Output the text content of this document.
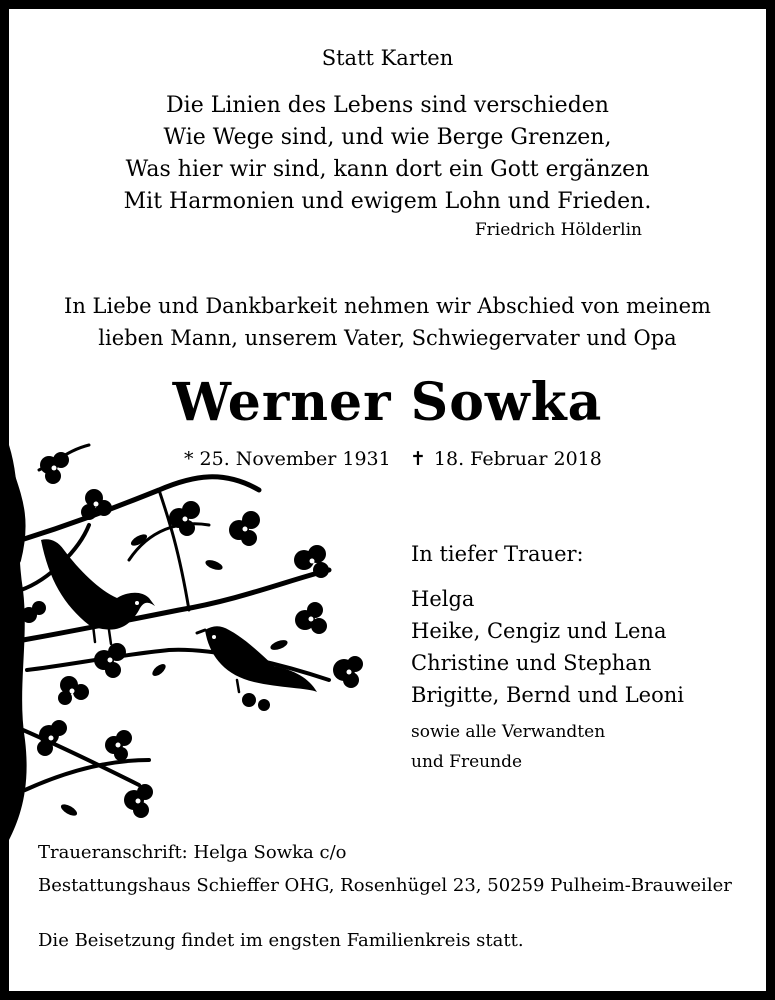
Statt Karten
Die Linien des Lebens sind verschieden
Wie Wege sind, und wie Berge Grenzen,
Was hier wir sind, kann dort ein Gott ergänzen
Mit Harmonien und ewigem Lohn und Frieden.
Friedrich Hölderlin
In Liebe und Dankbarkeit nehmen wir Abschied von meinem
lieben Mann, unserem Vater, Schwiegervater und Opa
Werner Sowka
* 25. November 1931 ✝ 18. Februar 2018
In tiefer Trauer:
Helga
Heike, Cengiz und Lena
Christine und Stephan
Brigitte, Bernd und Leoni
sowie alle Verwandten
und Freunde
Traueranschrift: Helga Sowka c/o
Bestattungshaus Schieffer OHG, Rosenhügel 23, 50259 Pulheim-Brauweiler
Die Beisetzung findet im engsten Familienkreis statt.
